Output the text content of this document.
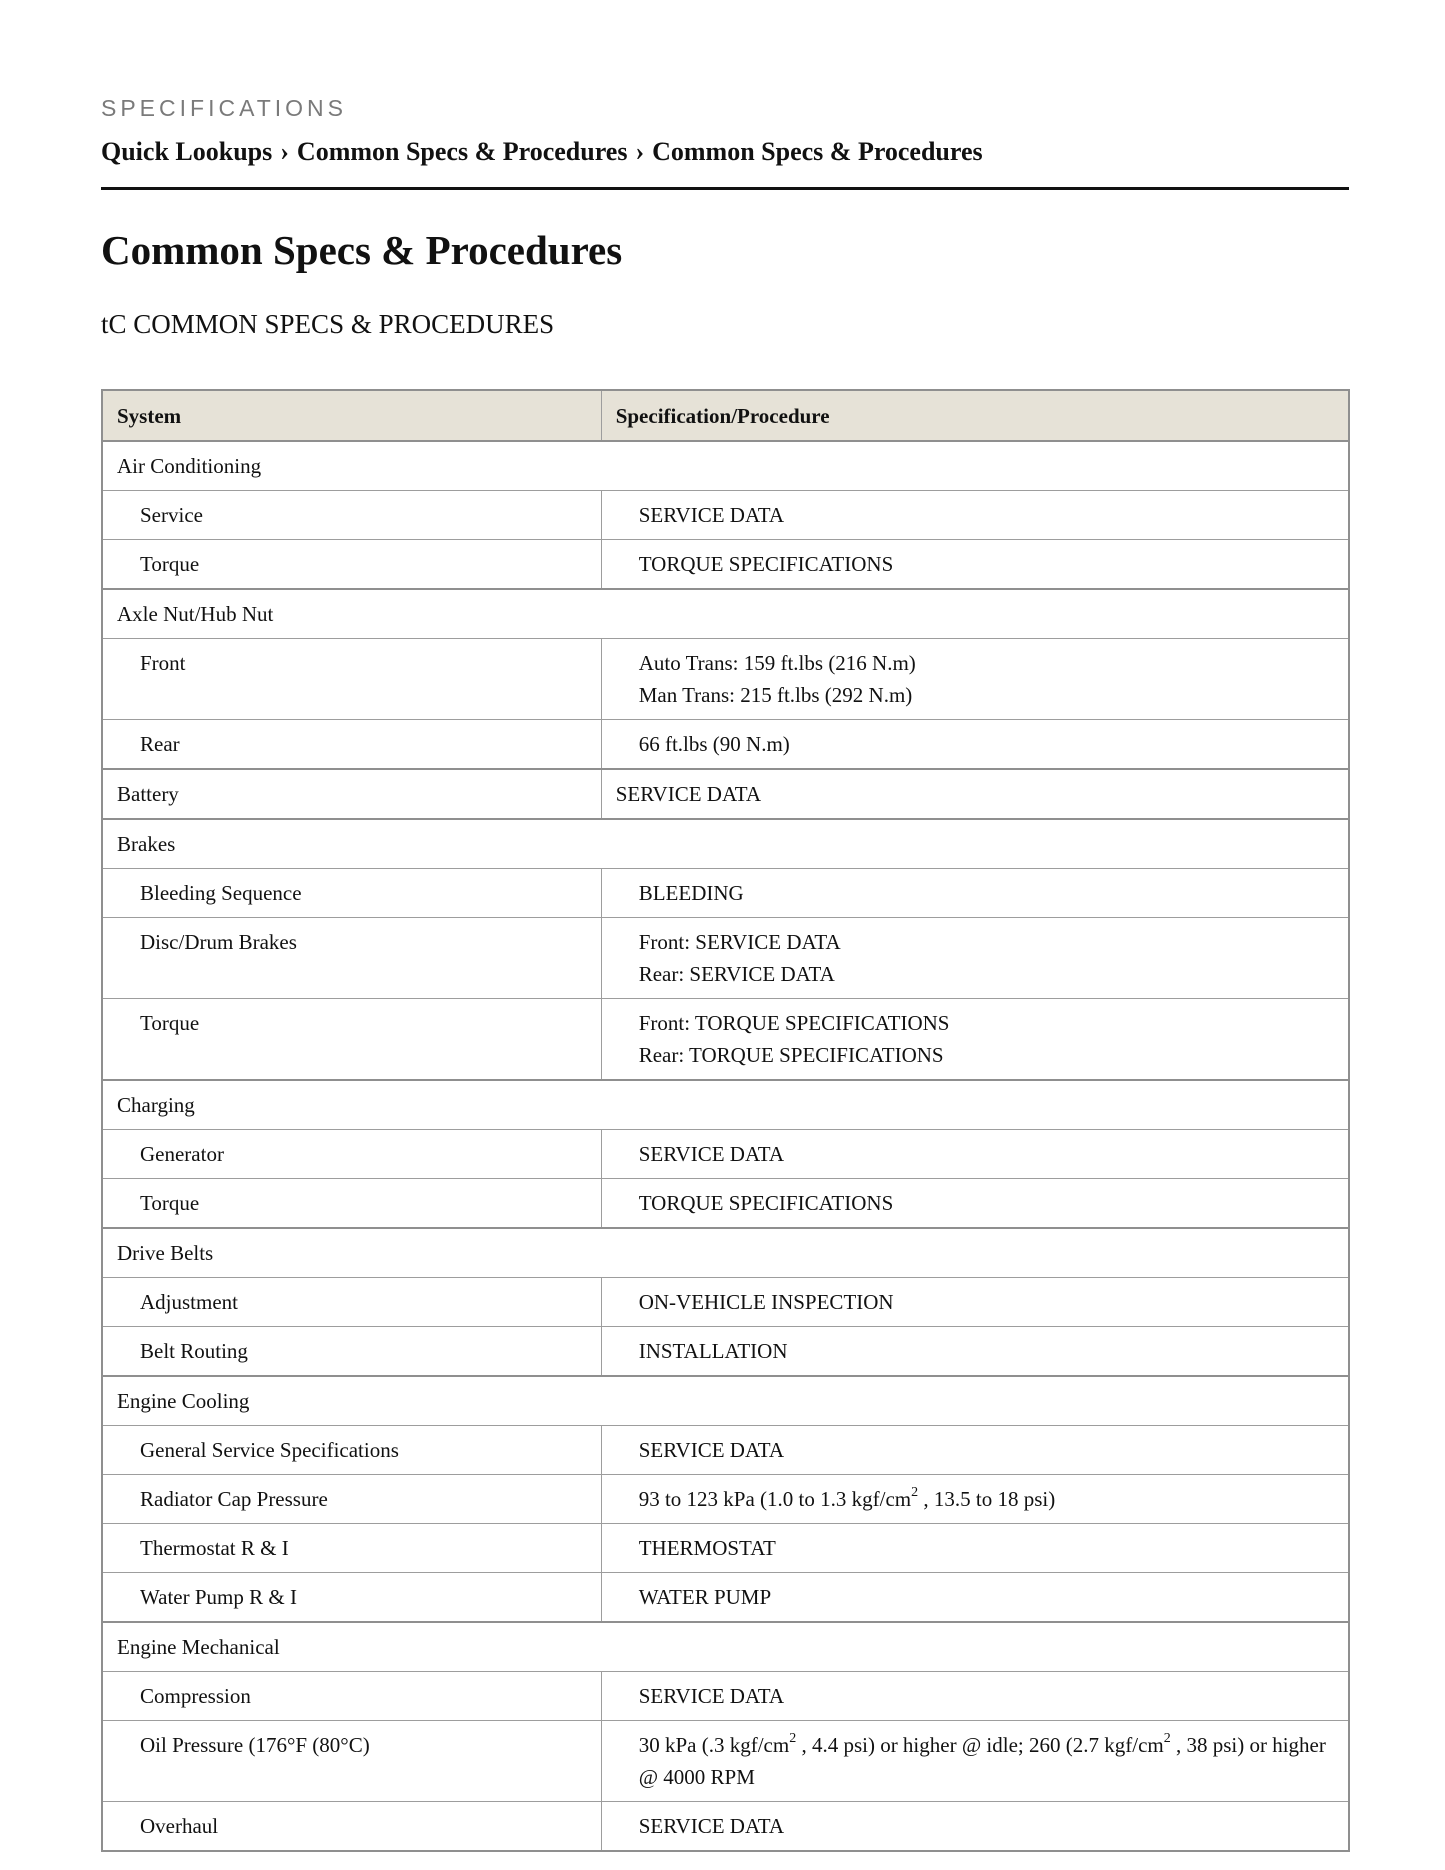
SPECIFICATIONS
Quick Lookups › Common Specs & Procedures › Common Specs & Procedures
Common Specs & Procedures
tC COMMON SPECS & PROCEDURES
System	Specification/Procedure
Air Conditioning	
Service	SERVICE DATA

Torque	TORQUE SPECIFICATIONS

Axle Nut/Hub Nut	
Front	Auto Trans: 159 ft.lbs (216 N.m)
Man Trans: 215 ft.lbs (292 N.m)

Rear	66 ft.lbs (90 N.m)

Battery	SERVICE DATA

Brakes	
Bleeding Sequence	BLEEDING

Disc/Drum Brakes	Front: SERVICE DATA
Rear: SERVICE DATA

Torque	Front: TORQUE SPECIFICATIONS
Rear: TORQUE SPECIFICATIONS

Charging	
Generator	SERVICE DATA

Torque	TORQUE SPECIFICATIONS

Drive Belts	
Adjustment	ON-VEHICLE INSPECTION

Belt Routing	INSTALLATION

Engine Cooling	
General Service Specifications	SERVICE DATA

Radiator Cap Pressure	93 to 123 kPa (1.0 to 1.3 kgf/$cm^2$ , 13.5 to 18 psi)

Thermostat R & I	THERMOSTAT

Water Pump R & I	WATER PUMP

Engine Mechanical	
Compression	SERVICE DATA

Oil Pressure (176°F (80°C)	30 kPa (.3 kgf/$cm^2$ , 4.4 psi) or higher @ idle; 260 (2.7 kgf/$cm^2$ , 38 psi) or higher @ 4000 RPM

Overhaul	SERVICE DATA
